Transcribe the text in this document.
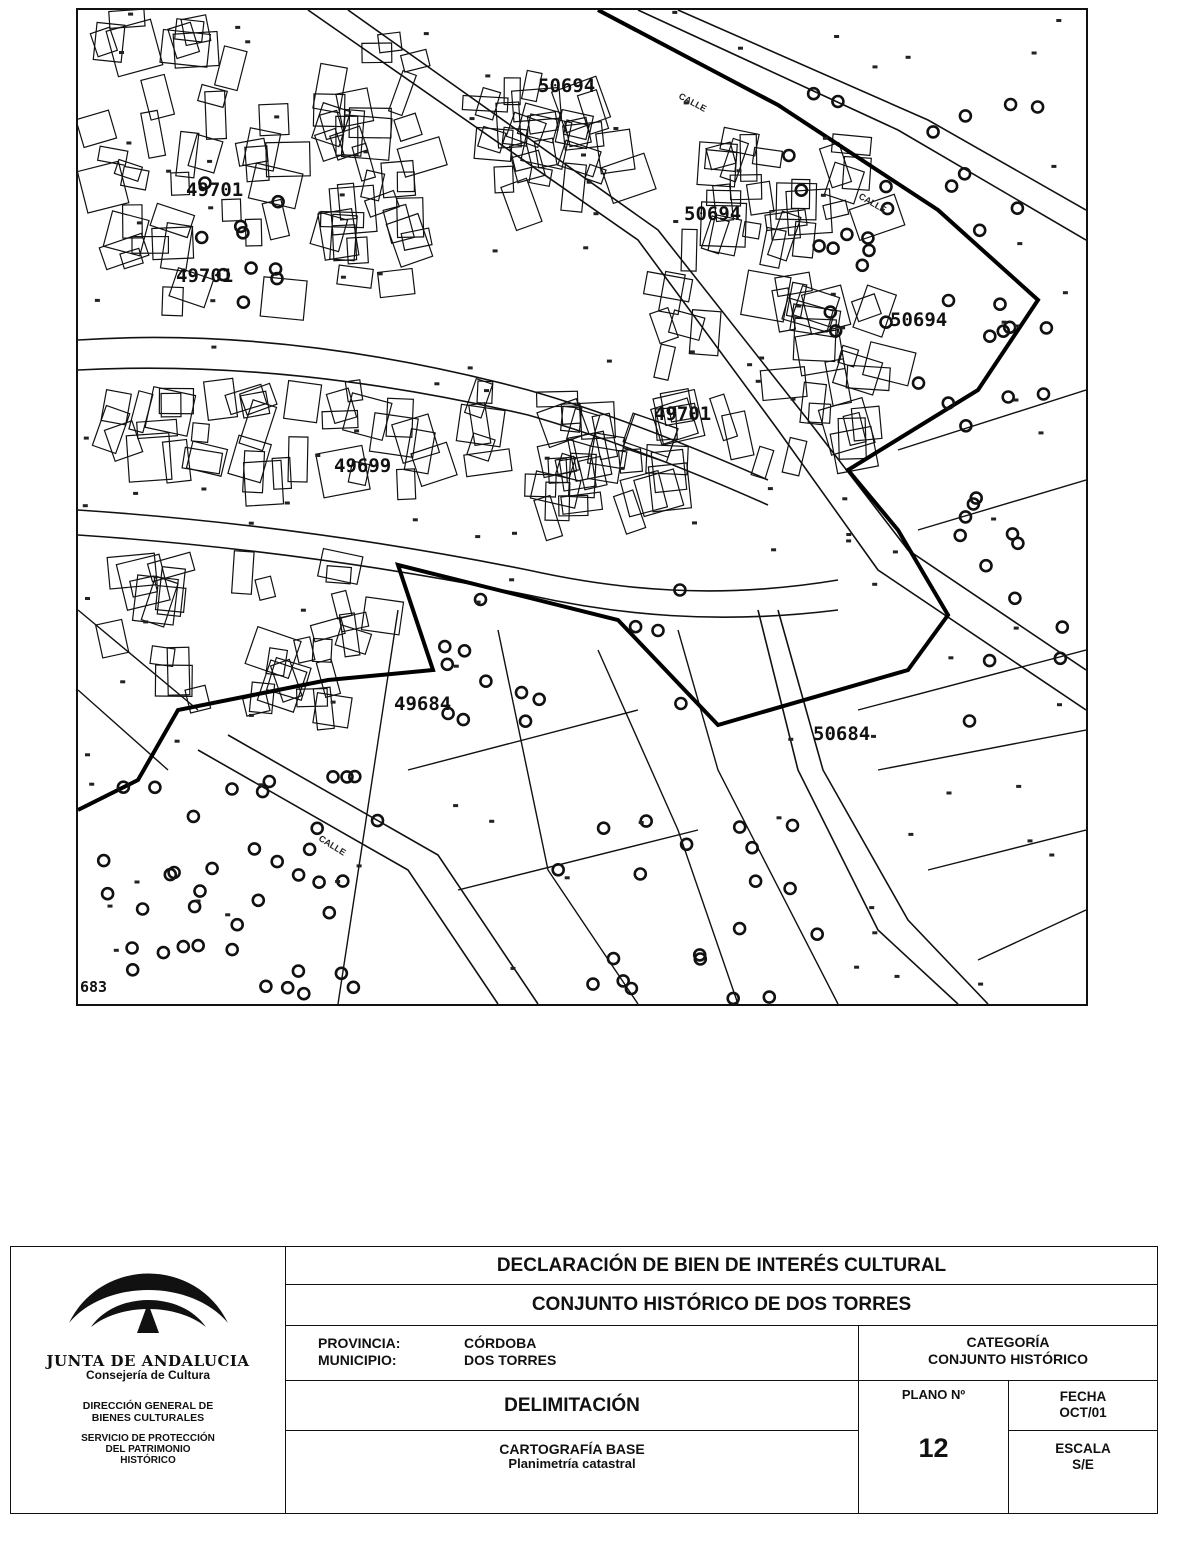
49701
49701
50694
50694
50694
49701
49699
49684
50684
683
CALLE
CALLE
CALLE
JUNTA DE ANDALUCIA
Consejería de Cultura
DIRECCIÓN GENERAL DE
BIENES CULTURALES
SERVICIO DE PROTECCIÓN
DEL PATRIMONIO
HISTÓRICO
DECLARACIÓN DE BIEN DE INTERÉS CULTURAL
CONJUNTO HISTÓRICO DE DOS TORRES
PROVINCIA:
MUNICIPIO:
CÓRDOBA
DOS TORRES
CATEGORÍA
CONJUNTO HISTÓRICO
DELIMITACIÓN	PLANO Nº
12
FECHA
OCT/01
CARTOGRAFÍA BASE
Planimetría catastral
ESCALA
S/E
